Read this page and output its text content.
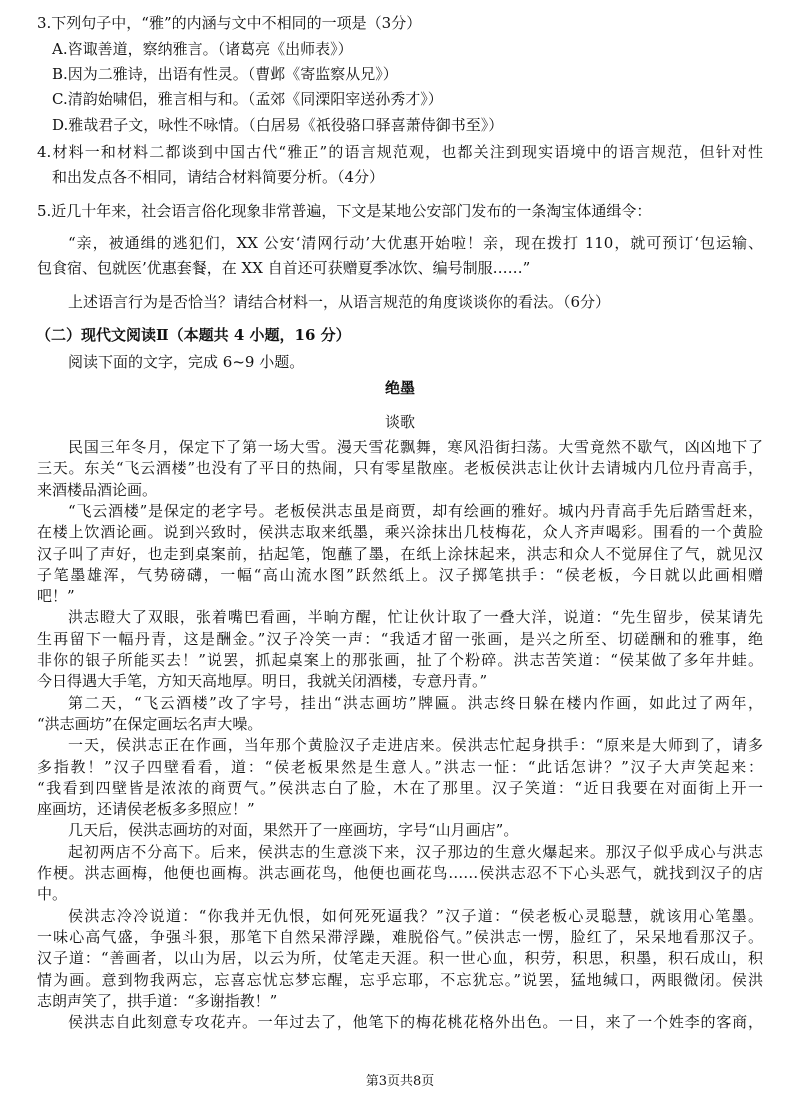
3.下列句子中，“雅”的内涵与文中不相同的一项是（3分）
A.咨诹善道，察纳雅言。（诸葛亮《出师表》）
B.因为二雅诗，出语有性灵。（曹邺《寄监察从兄》）
C.清韵始啸侣，雅言相与和。（孟郊《同溧阳宰送孙秀才》）
D.雅哉君子文，咏性不咏情。（白居易《祇役骆口驿喜萧侍御书至》）
4.材料一和材料二都谈到中国古代“雅正”的语言规范观，也都关注到现实语境中的语言规范，但针对性
和出发点各不相同，请结合材料简要分析。（4分）
5.近几十年来，社会语言俗化现象非常普遍，下文是某地公安部门发布的一条淘宝体通缉令：
“亲，被通缉的逃犯们，XX 公安‘清网行动’大优惠开始啦！亲，现在拨打 110，就可预订‘包运输、
包食宿、包就医’优惠套餐，在 XX 自首还可获赠夏季冰饮、编号制服……”
上述语言行为是否恰当？请结合材料一，从语言规范的角度谈谈你的看法。（6分）
（二）现代文阅读Ⅱ（本题共 4 小题，16 分）
阅读下面的文字，完成 6~9 小题。
绝墨
谈歌
民国三年冬月，保定下了第一场大雪。漫天雪花飘舞，寒风沿街扫荡。大雪竟然不歇气，凶凶地下了
三天。东关“飞云酒楼”也没有了平日的热闹，只有零星散座。老板侯洪志让伙计去请城内几位丹青高手，
来酒楼品酒论画。
“飞云酒楼”是保定的老字号。老板侯洪志虽是商贾，却有绘画的雅好。城内丹青高手先后踏雪赶来，
在楼上饮酒论画。说到兴致时，侯洪志取来纸墨，乘兴涂抹出几枝梅花，众人齐声喝彩。围看的一个黄脸
汉子叫了声好，也走到桌案前，拈起笔，饱蘸了墨，在纸上涂抹起来，洪志和众人不觉屏住了气，就见汉
子笔墨雄浑，气势磅礴，一幅“高山流水图”跃然纸上。汉子掷笔拱手：“侯老板，今日就以此画相赠
吧！”
洪志瞪大了双眼，张着嘴巴看画，半晌方醒，忙让伙计取了一叠大洋，说道：“先生留步，侯某请先
生再留下一幅丹青，这是酬金。”汉子冷笑一声：“我适才留一张画，是兴之所至、切磋酬和的雅事，绝
非你的银子所能买去！”说罢，抓起桌案上的那张画，扯了个粉碎。洪志苦笑道：“侯某做了多年井蛙。
今日得遇大手笔，方知天高地厚。明日，我就关闭酒楼，专意丹青。”
第二天，“飞云酒楼”改了字号，挂出“洪志画坊”牌匾。洪志终日躲在楼内作画，如此过了两年，
“洪志画坊”在保定画坛名声大噪。
一天，侯洪志正在作画，当年那个黄脸汉子走进店来。侯洪志忙起身拱手：“原来是大师到了，请多
多指教！”汉子四壁看看，道：“侯老板果然是生意人。”洪志一怔：“此话怎讲？”汉子大声笑起来：
“我看到四壁皆是浓浓的商贾气。”侯洪志白了脸，木在了那里。汉子笑道：“近日我要在对面街上开一
座画坊，还请侯老板多多照应！”
几天后，侯洪志画坊的对面，果然开了一座画坊，字号“山月画店”。
起初两店不分高下。后来，侯洪志的生意淡下来，汉子那边的生意火爆起来。那汉子似乎成心与洪志
作梗。洪志画梅，他便也画梅。洪志画花鸟，他便也画花鸟……侯洪志忍不下心头恶气，就找到汉子的店
中。
侯洪志冷冷说道：“你我并无仇恨，如何死死逼我？”汉子道：“侯老板心灵聪慧，就该用心笔墨。
一味心高气盛，争强斗狠，那笔下自然呆滞浮躁，难脱俗气。”侯洪志一愣，脸红了，呆呆地看那汉子。
汉子道：“善画者，以山为居，以云为所，仗笔走天涯。积一世心血，积劳，积思，积墨，积石成山，积
情为画。意到物我两忘，忘喜忘忧忘梦忘醒，忘乎忘耶，不忘犹忘。”说罢，猛地缄口，两眼微闭。侯洪
志朗声笑了，拱手道：“多谢指教！”
侯洪志自此刻意专攻花卉。一年过去了，他笔下的梅花桃花格外出色。一日，来了一个姓李的客商，
第3页共8页
